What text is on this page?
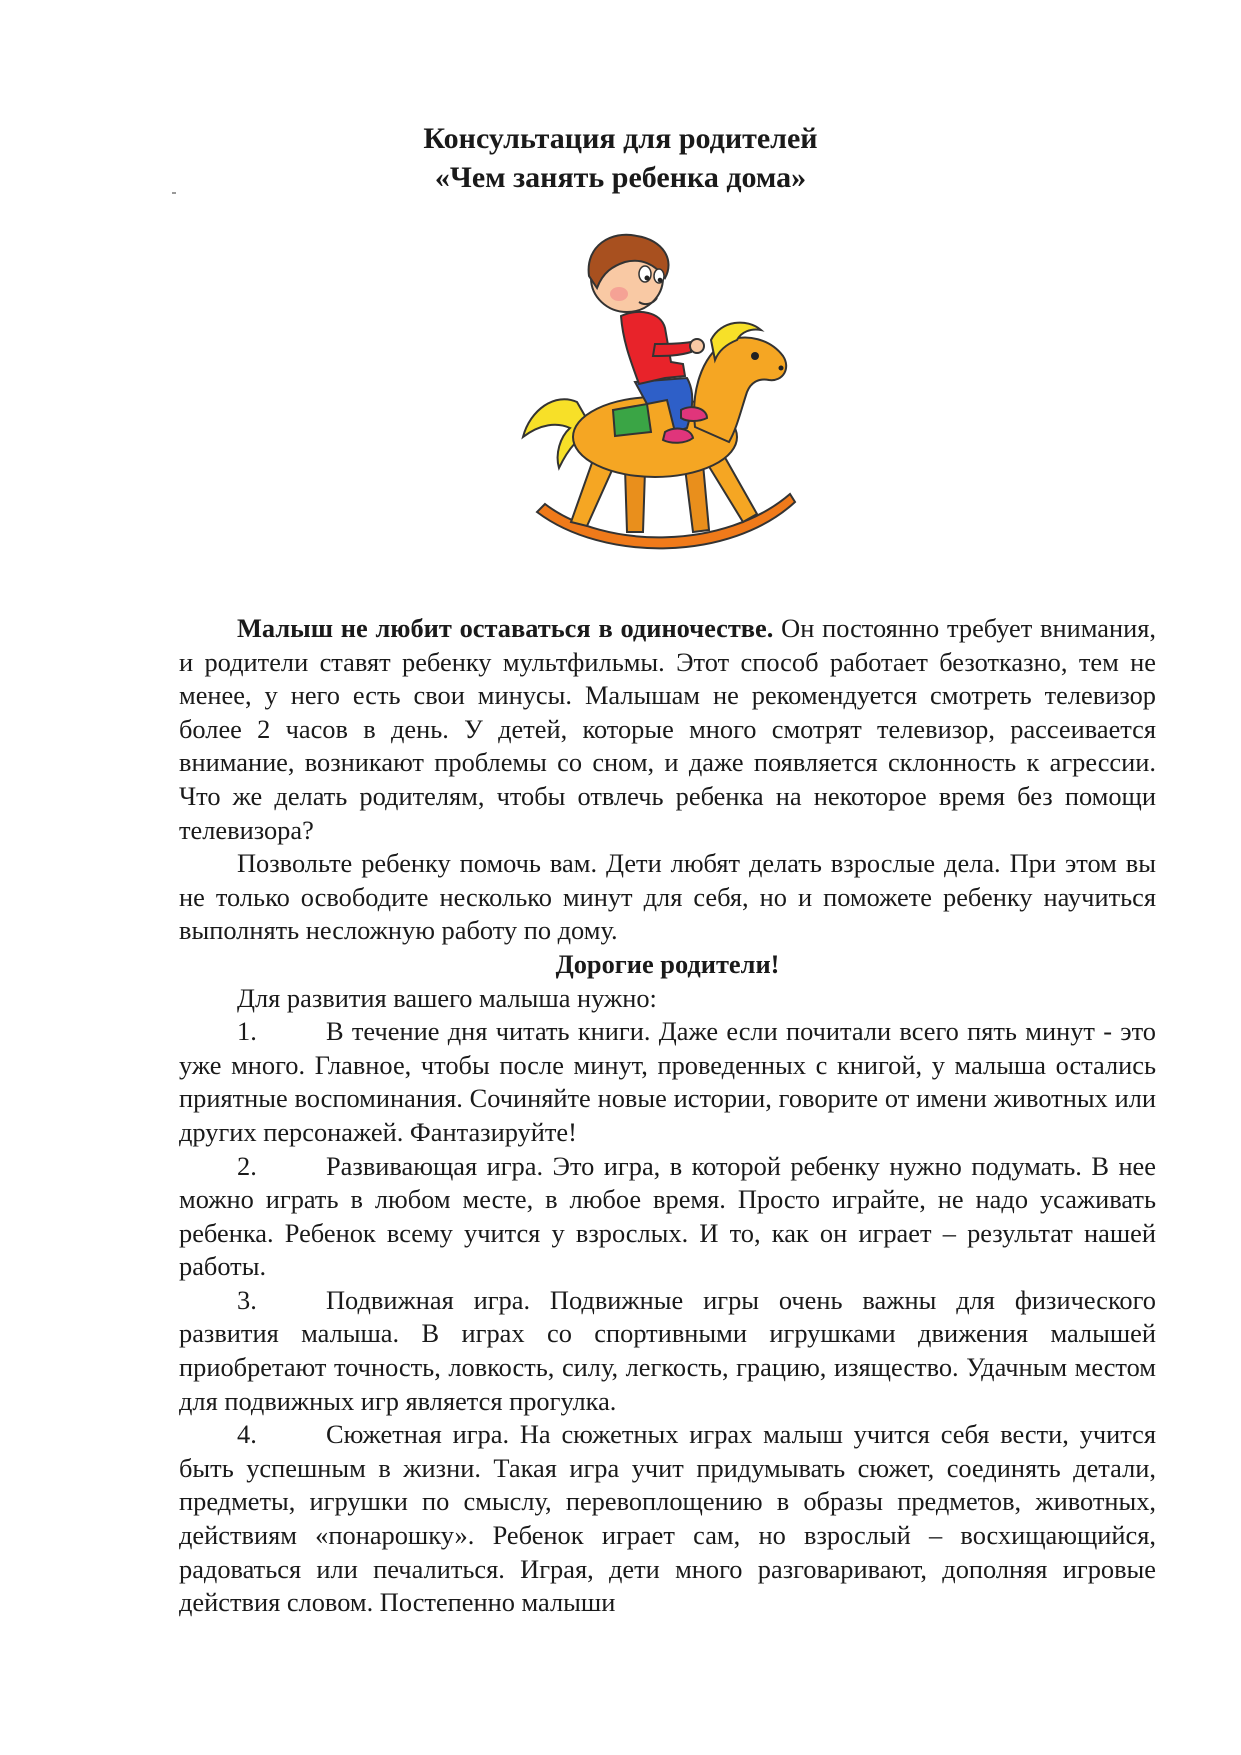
Консультация для родителей
«Чем занять ребенка дома»

Малыш не любит оставаться в одиночестве. Он постоянно требует внимания, и родители ставят ребенку мультфильмы. Этот способ работает безотказно, тем не менее, у него есть свои минусы. Малышам не рекомендуется смотреть телевизор более 2 часов в день. У детей, которые много смотрят телевизор, рассеивается внимание, возникают проблемы со сном, и даже появляется склонность к агрессии. Что же делать родителям, чтобы отвлечь ребенка на некоторое время без помощи телевизора?

Позвольте ребенку помочь вам. Дети любят делать взрослые дела. При этом вы не только освободите несколько минут для себя, но и поможете ребенку научиться выполнять несложную работу по дому.

Дорогие родители!

Для развития вашего малыша нужно:

1.	В течение дня читать книги. Даже если почитали всего пять минут - это уже много. Главное, чтобы после минут, проведенных с книгой, у малыша остались приятные воспоминания. Сочиняйте новые истории, говорите от имени животных или других персонажей. Фантазируйте!

2.	Развивающая игра. Это игра, в которой ребенку нужно подумать. В нее можно играть в любом месте, в любое время. Просто играйте, не надо усаживать ребенка. Ребенок всему учится у взрослых. И то, как он играет – результат нашей работы.

3.	Подвижная игра. Подвижные игры очень важны для физического развития малыша. В играх со спортивными игрушками движения малышей приобретают точность, ловкость, силу, легкость, грацию, изящество. Удачным местом для подвижных игр является прогулка.

4.	Сюжетная игра. На сюжетных играх малыш учится себя вести, учится быть успешным в жизни. Такая игра учит придумывать сюжет, соединять детали, предметы, игрушки по смыслу, перевоплощению в образы предметов, животных, действиям «понарошку». Ребенок играет сам, но взрослый – восхищающийся, радоваться или печалиться. Играя, дети много разговаривают, дополняя игровые действия словом. Постепенно малыши
